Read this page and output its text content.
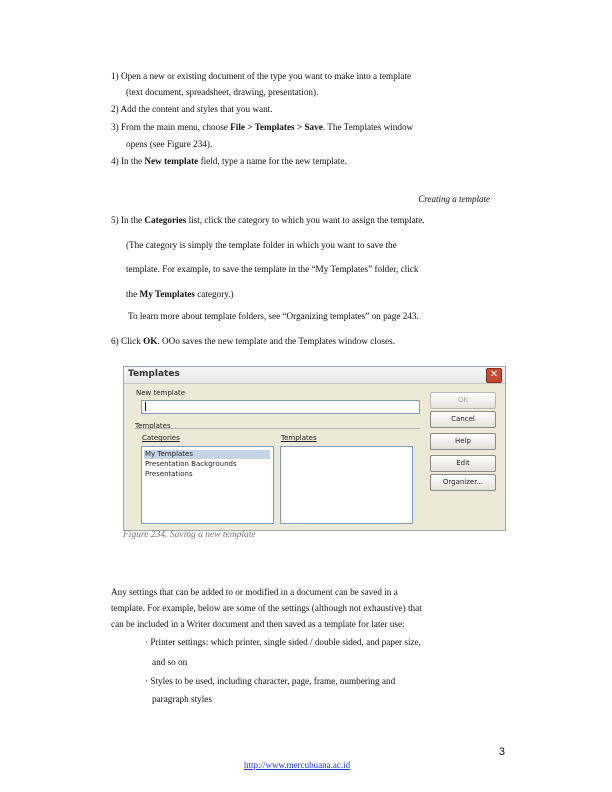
1) Open a new or existing document of the type you want to make into a template
(text document, spreadsheet, drawing, presentation).
2) Add the content and styles that you want.
3) From the main menu, choose File > Templates > Save. The Templates window
opens (see Figure 234).
4) In the New template field, type a name for the new template.
Creating a template
5) In the Categories list, click the category to which you want to assign the template.
(The category is simply the template folder in which you want to save the
template. For example, to save the template in the “My Templates” folder, click
the My Templates category.)
To learn more about template folders, see “Organizing templates” on page 243.
6) Click OK. OOo saves the new template and the Templates window closes.
Templates	✕
New template
Templates
Categories
My Templates
Presentation Backgrounds
Presentations
Templates
OK
Cancel
Help
Edit
Organizer...
Figure 234. Saving a new template
Any settings that can be added to or modified in a document can be saved in a
template. For example, below are some of the settings (although not exhaustive) that
can be included in a Writer document and then saved as a template for later use:
· Printer settings: which printer, single sided / double sided, and paper size,
and so on
· Styles to be used, including character, page, frame, numbering and
paragraph styles
3
http://www.mercubuana.ac.id
